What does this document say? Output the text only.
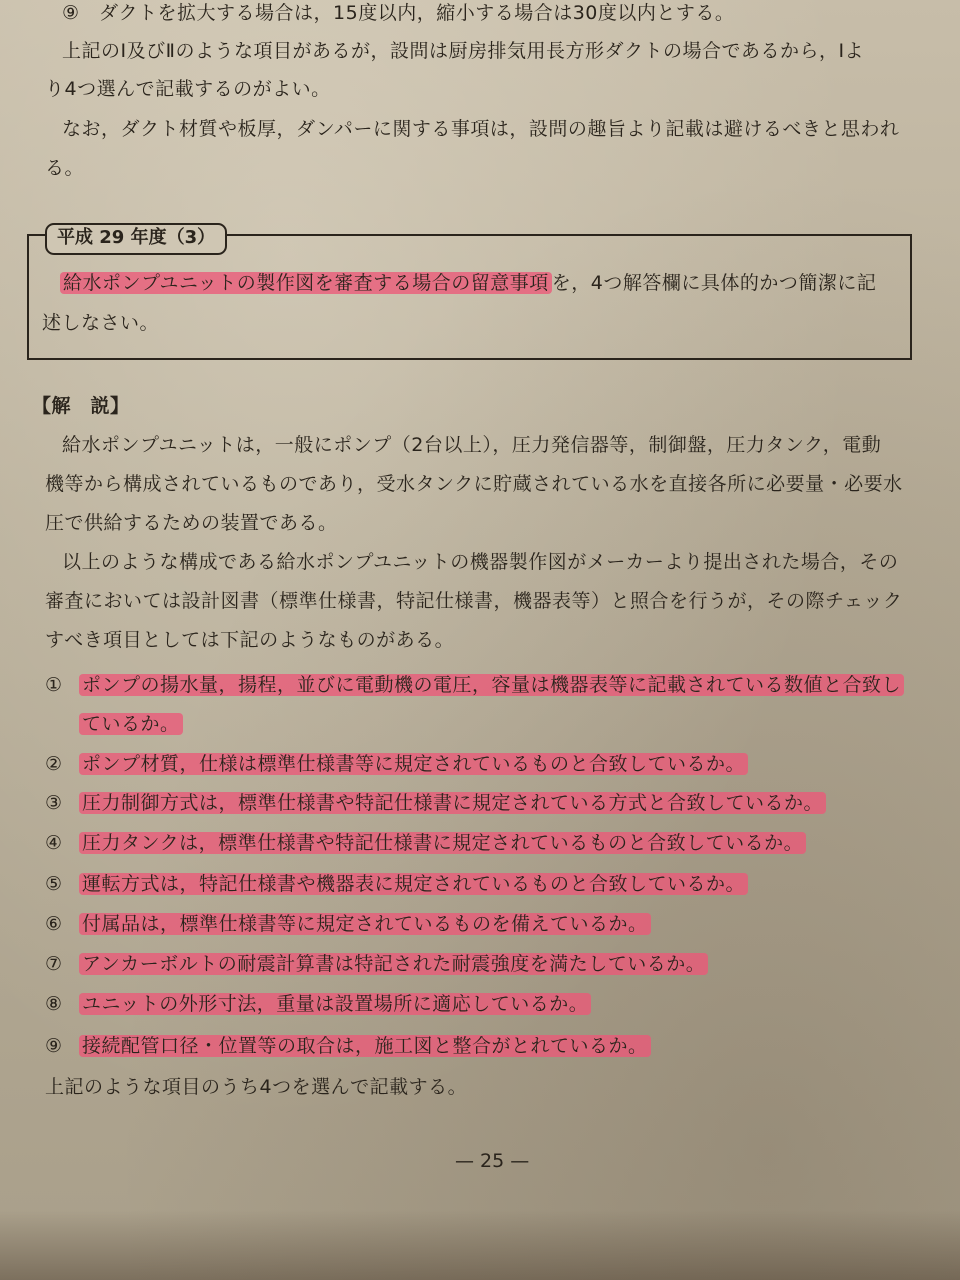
⑨　ダクトを拡大する場合は，15度以内，縮小する場合は30度以内とする。
上記のⅠ及びⅡのような項目があるが，設問は厨房排気用長方形ダクトの場合であるから，Ⅰよ
り4つ選んで記載するのがよい。
なお，ダクト材質や板厚，ダンパーに関する事項は，設問の趣旨より記載は避けるべきと思われ
る。
平成 29 年度（3）
給水ポンプユニットの製作図を審査する場合の留意事項 を，4つ解答欄に具体的かつ簡潔に記
述しなさい。
【解　説】
給水ポンプユニットは，一般にポンプ（2台以上），圧力発信器等，制御盤，圧力タンク，電動
機等から構成されているものであり，受水タンクに貯蔵されている水を直接各所に必要量・必要水
圧で供給するための装置である。
以上のような構成である給水ポンプユニットの機器製作図がメーカーより提出された場合，その
審査においては設計図書（標準仕様書，特記仕様書，機器表等）と照合を行うが，その際チェック
すべき項目としては下記のようなものがある。
① ポンプの揚水量，揚程，並びに電動機の電圧，容量は機器表等に記載されている数値と合致し
ているか。
② ポンプ材質，仕様は標準仕様書等に規定されているものと合致しているか。
③ 圧力制御方式は，標準仕様書や特記仕様書に規定されている方式と合致しているか。
④ 圧力タンクは，標準仕様書や特記仕様書に規定されているものと合致しているか。
⑤ 運転方式は，特記仕様書や機器表に規定されているものと合致しているか。
⑥ 付属品は，標準仕様書等に規定されているものを備えているか。
⑦ アンカーボルトの耐震計算書は特記された耐震強度を満たしているか。
⑧ ユニットの外形寸法，重量は設置場所に適応しているか。
⑨ 接続配管口径・位置等の取合は，施工図と整合がとれているか。
上記のような項目のうち4つを選んで記載する。
— 25 —
